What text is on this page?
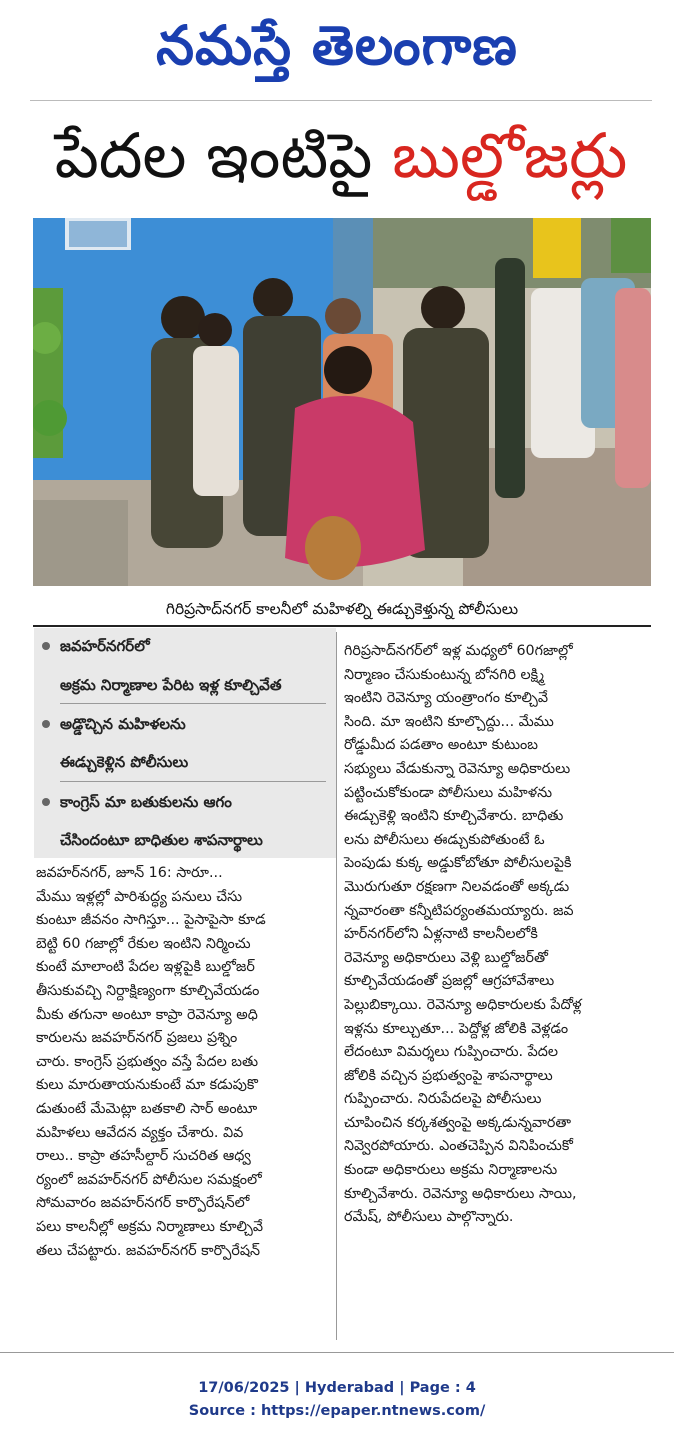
నమస్తే తెలంగాణ
పేదల ఇంటిపై బుల్డోజర్లు
గిరిప్రసాద్‌నగర్ కాలనీలో మహిళల్ని ఈడ్చుకెళ్తున్న పోలీసులు
జవహర్‌నగర్‌లో
అక్రమ నిర్మాణాల పేరిట ఇళ్ల కూల్చివేత
అడ్డొచ్చిన మహిళలను
ఈడ్చుకెళ్లిన పోలీసులు
కాంగ్రెస్ మా బతుకులను ఆగం
చేసిందంటూ బాధితుల శాపనార్థాలు
జవహర్‌నగర్, జూన్ 16: సారూ...
మేము ఇళ్లల్లో పారిశుద్ధ్య పనులు చేసు
కుంటూ జీవనం సాగిస్తూ... పైసాపైసా కూడ
బెట్టి 60 గజాల్లో రేకుల ఇంటిని నిర్మించు
కుంటే మాలాంటి పేదల ఇళ్లపైకి బుల్డోజర్
తీసుకువచ్చి నిర్దాక్షిణ్యంగా కూల్చివేయడం
మీకు తగునా అంటూ కాప్రా రెవెన్యూ అధి
కారులను జవహర్‌నగర్ ప్రజలు ప్రశ్నిం
చారు. కాంగ్రెస్ ప్రభుత్వం వస్తే పేదల బతు
కులు మారుతాయనుకుంటే మా కడుపుకొ
డుతుంటే మేమెట్లా బతకాలి సార్ అంటూ
మహిళలు ఆవేదన వ్యక్తం చేశారు. వివ
రాలు.. కాప్రా తహసీల్దార్ సుచరిత ఆధ్వ
ర్యంలో జవహర్‌నగర్ పోలీసుల సమక్షంలో
సోమవారం జవహర్‌నగర్ కార్పొరేషన్‌లో
పలు కాలనీల్లో అక్రమ నిర్మాణాలు కూల్చివే
తలు చేపట్టారు. జవహర్‌నగర్ కార్పొరేషన్
గిరిప్రసాద్‌నగర్‌లో ఇళ్ల మధ్యలో 60గజాల్లో
నిర్మాణం చేసుకుంటున్న బోనగిరి లక్ష్మి
ఇంటిని రెవెన్యూ యంత్రాంగం కూల్చివే
సింది. మా ఇంటిని కూల్చొద్దు... మేము
రోడ్డుమీద పడతాం అంటూ కుటుంబ
సభ్యులు వేడుకున్నా రెవెన్యూ అధికారులు
పట్టించుకోకుండా పోలీసులు మహిళను
ఈడ్చుకెళ్లి ఇంటిని కూల్చివేశారు. బాధితు
లను పోలీసులు ఈడ్చుకుపోతుంటే ఓ
పెంపుడు కుక్క అడ్డుకోబోతూ పోలీసులపైకి
మొరుగుతూ రక్షణగా నిలవడంతో అక్కడు
న్నవారంతా కన్నీటిపర్యంతమయ్యారు. జవ
హర్‌నగర్‌లోని ఏళ్లనాటి కాలనీలలోకి
రెవెన్యూ అధికారులు వెళ్లి బుల్డోజర్‌తో
కూల్చివేయడంతో ప్రజల్లో ఆగ్రహావేశాలు
పెల్లుబిక్కాయి. రెవెన్యూ అధికారులకు పేదోళ్ల
ఇళ్లను కూల్చుతూ... పెద్దోళ్ల జోలికి వెళ్లడం
లేదంటూ విమర్శలు గుప్పించారు. పేదల
జోలికి వచ్చిన ప్రభుత్వంపై శాపనార్థాలు
గుప్పించారు. నిరుపేదలపై పోలీసులు
చూపించిన కర్కశత్వంపై అక్కడున్నవారతా
నివ్వెరపోయారు. ఎంతచెప్పిన వినిపించుకో
కుండా అధికారులు అక్రమ నిర్మాణాలను
కూల్చివేశారు. రెవెన్యూ అధికారులు సాయి,
రమేష్, పోలీసులు పాల్గొన్నారు.
17/06/2025 | Hyderabad | Page : 4
Source : https://epaper.ntnews.com/
